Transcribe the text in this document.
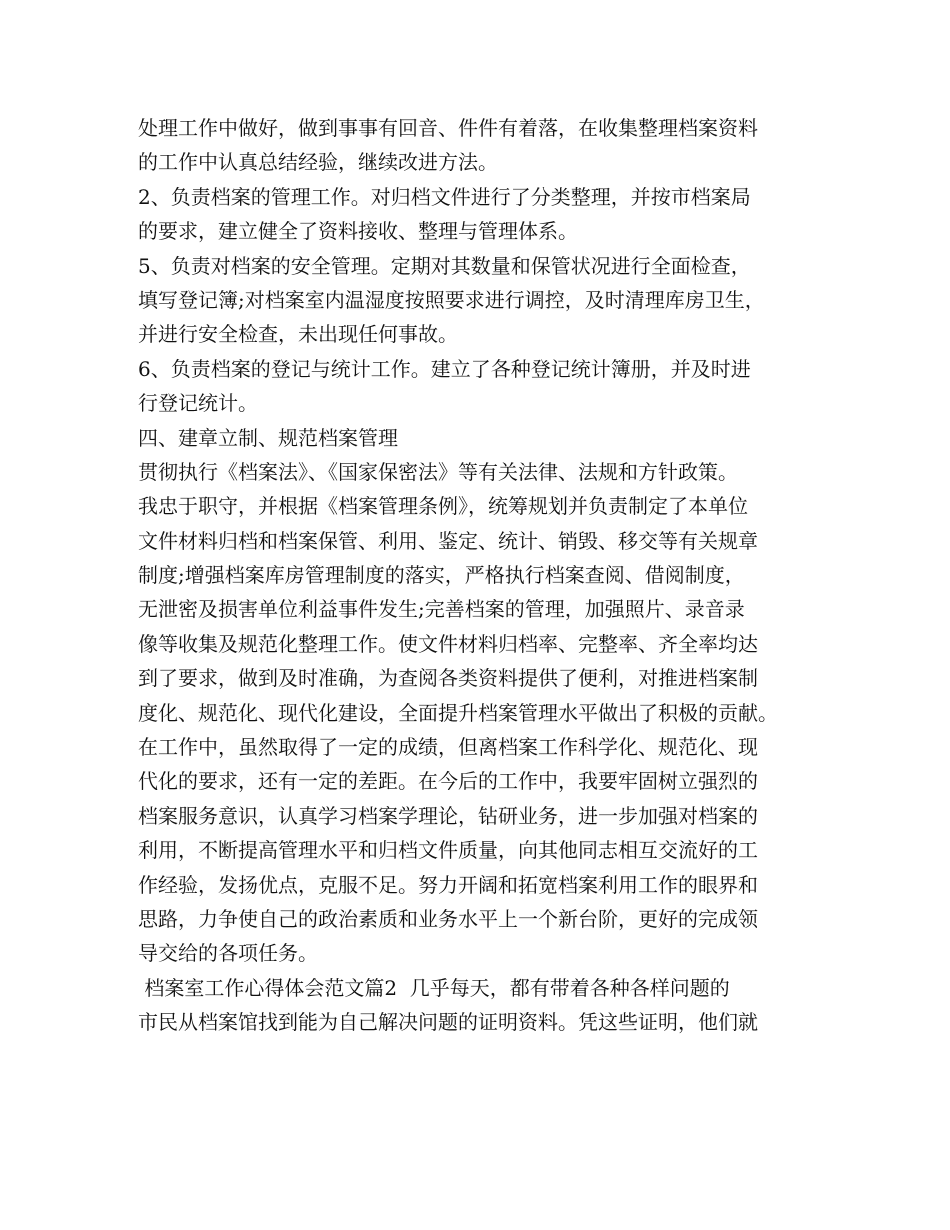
处理工作中做好，做到事事有回音、件件有着落，在收集整理档案资料
的工作中认真总结经验，继续改进方法。
2、负责档案的管理工作。对归档文件进行了分类整理，并按市档案局
的要求，建立健全了资料接收、整理与管理体系。
5、负责对档案的安全管理。定期对其数量和保管状况进行全面检查，
填写登记簿;对档案室内温湿度按照要求进行调控，及时清理库房卫生，
并进行安全检查，未出现任何事故。
6、负责档案的登记与统计工作。建立了各种登记统计簿册，并及时进
行登记统计。
四、建章立制、规范档案管理
贯彻执行《档案法》、《国家保密法》等有关法律、法规和方针政策。
我忠于职守，并根据《档案管理条例》，统筹规划并负责制定了本单位
文件材料归档和档案保管、利用、鉴定、统计、销毁、移交等有关规章
制度;增强档案库房管理制度的落实，严格执行档案查阅、借阅制度，
无泄密及损害单位利益事件发生;完善档案的管理，加强照片、录音录
像等收集及规范化整理工作。使文件材料归档率、完整率、齐全率均达
到了要求，做到及时准确，为查阅各类资料提供了便利，对推进档案制
度化、规范化、现代化建设，全面提升档案管理水平做出了积极的贡献。
在工作中，虽然取得了一定的成绩，但离档案工作科学化、规范化、现
代化的要求，还有一定的差距。在今后的工作中，我要牢固树立强烈的
档案服务意识，认真学习档案学理论，钻研业务，进一步加强对档案的
利用，不断提高管理水平和归档文件质量，向其他同志相互交流好的工
作经验，发扬优点，克服不足。努力开阔和拓宽档案利用工作的眼界和
思路，力争使自己的政治素质和业务水平上一个新台阶，更好的完成领
导交给的各项任务。
档案室工作心得体会范文篇2  几乎每天，都有带着各种各样问题的
市民从档案馆找到能为自己解决问题的证明资料。凭这些证明，他们就
